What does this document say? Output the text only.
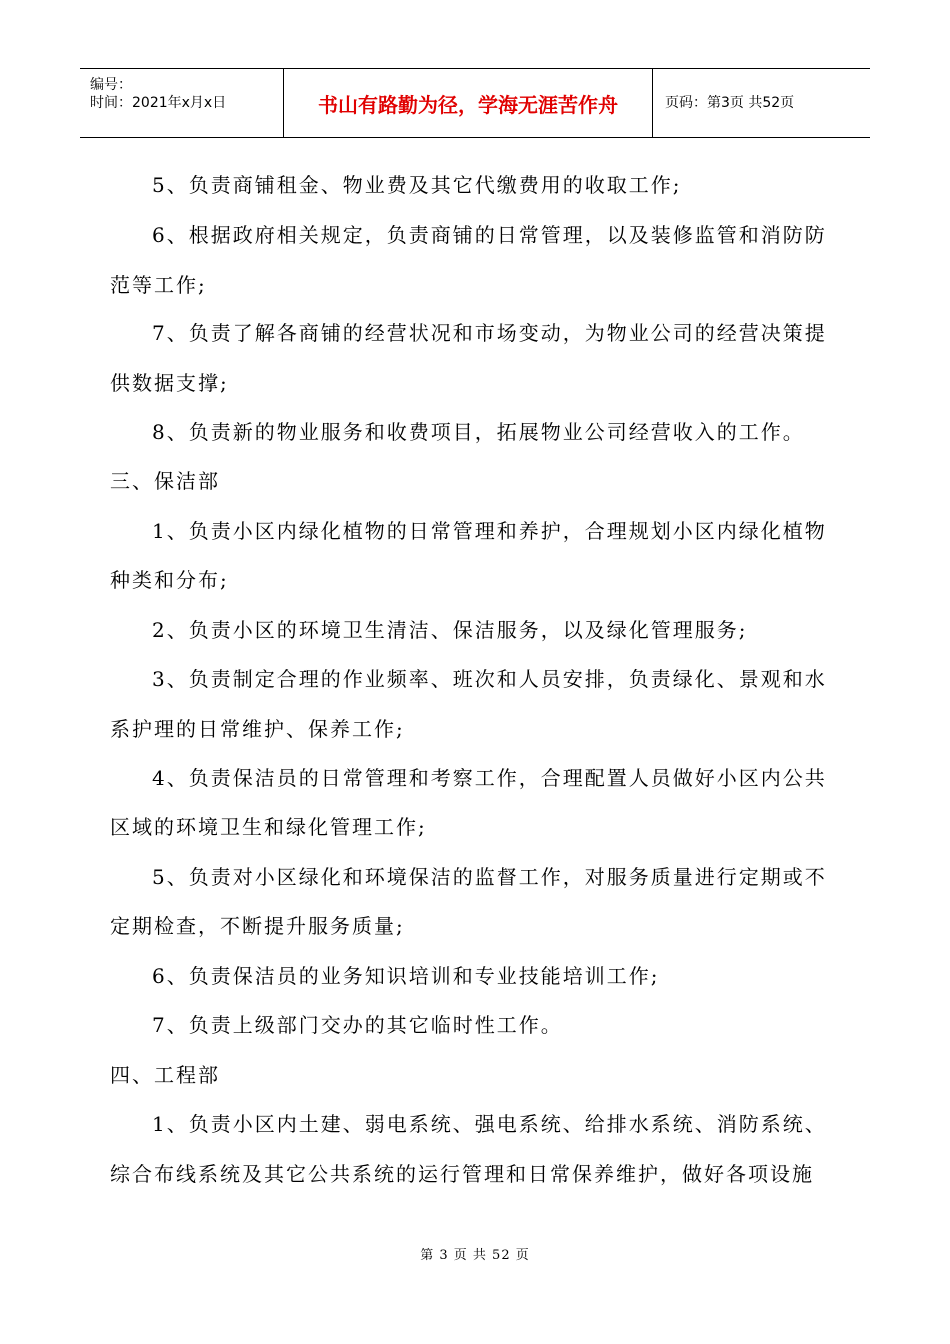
编号：
时间：2021年x月x日	书山有路勤为径，学海无涯苦作舟	页码：第3页 共52页
5、负责商铺租金、物业费及其它代缴费用的收取工作;
6、根据政府相关规定，负责商铺的日常管理，以及装修监管和消防防
范等工作;
7、负责了解各商铺的经营状况和市场变动，为物业公司的经营决策提
供数据支撑;
8、负责新的物业服务和收费项目，拓展物业公司经营收入的工作。
三、保洁部
1、负责小区内绿化植物的日常管理和养护，合理规划小区内绿化植物
种类和分布;
2、负责小区的环境卫生清洁、保洁服务，以及绿化管理服务;
3、负责制定合理的作业频率、班次和人员安排，负责绿化、景观和水
系护理的日常维护、保养工作;
4、负责保洁员的日常管理和考察工作，合理配置人员做好小区内公共
区域的环境卫生和绿化管理工作;
5、负责对小区绿化和环境保洁的监督工作，对服务质量进行定期或不
定期检查，不断提升服务质量;
6、负责保洁员的业务知识培训和专业技能培训工作;
7、负责上级部门交办的其它临时性工作。
四、工程部
1、负责小区内土建、弱电系统、强电系统、给排水系统、消防系统、
综合布线系统及其它公共系统的运行管理和日常保养维护，做好各项设施
第 3 页 共 52 页
